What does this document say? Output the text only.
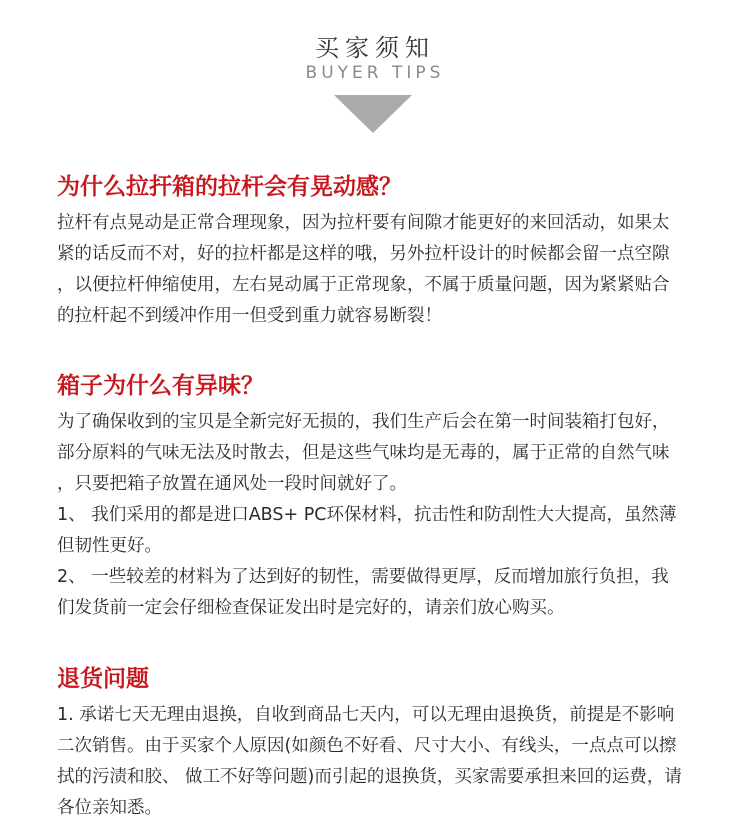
买家须知
BUYER TIPS
为什么拉扞箱的拉杆会有晃动感？

拉杆有点晃动是正常合理现象，因为拉杆要有间隙才能更好的来回活动，如果太
紧的话反而不对，好的拉杆都是这样的哦，另外拉杆设计的时候都会留一点空隙
，以便拉杆伸缩使用，左右晃动属于正常现象，不属于质量问题，因为紧紧贴合
的拉杆起不到缓冲作用一但受到重力就容易断裂！

箱子为什么有异味？

为了确保收到的宝贝是全新完好无损的，我们生产后会在第一时间装箱打包好，
部分原料的气味无法及时散去，但是这些气味均是无毒的，属于正常的自然气味
，只要把箱子放置在通风处一段时间就好了。
1、 我们采用的都是进口ABS+ PC环保材料，抗击性和防刮性大大提高，虽然薄
但韧性更好。
2、 一些较差的材料为了达到好的韧性，需要做得更厚，反而增加旅行负担，我
们发货前一定会仔细检查保证发出时是完好的，请亲们放心购买。

退货问题

1. 承诺七天无理由退换，自收到商品七天内，可以无理由退换货，前提是不影响
二次销售。由于买家个人原因(如颜色不好看、尺寸大小、有线头，一点点可以擦
拭的污渍和胶、 做工不好等问题)而引起的退换货，买家需要承担来回的运费，请
各位亲知悉。
